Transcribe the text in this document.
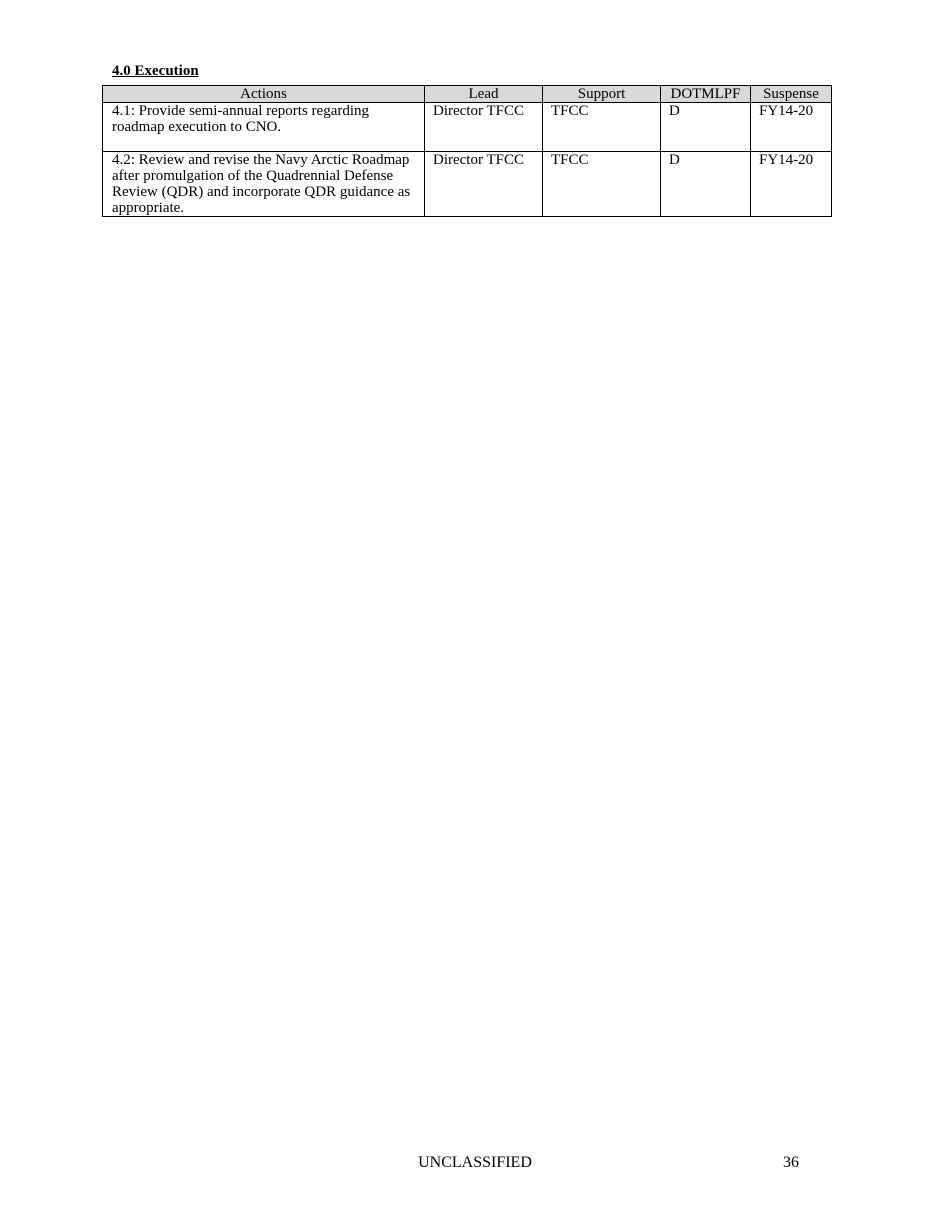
4.0 Execution
Actions	Lead	Support	DOTMLPF	Suspense
4.1: Provide semi-annual reports regarding roadmap execution to CNO.	Director TFCC	TFCC	D	FY14-20
4.2: Review and revise the Navy Arctic Roadmap after promulgation of the Quadrennial Defense Review (QDR) and incorporate QDR guidance as appropriate.	Director TFCC	TFCC	D	FY14-20
UNCLASSIFIED	36
